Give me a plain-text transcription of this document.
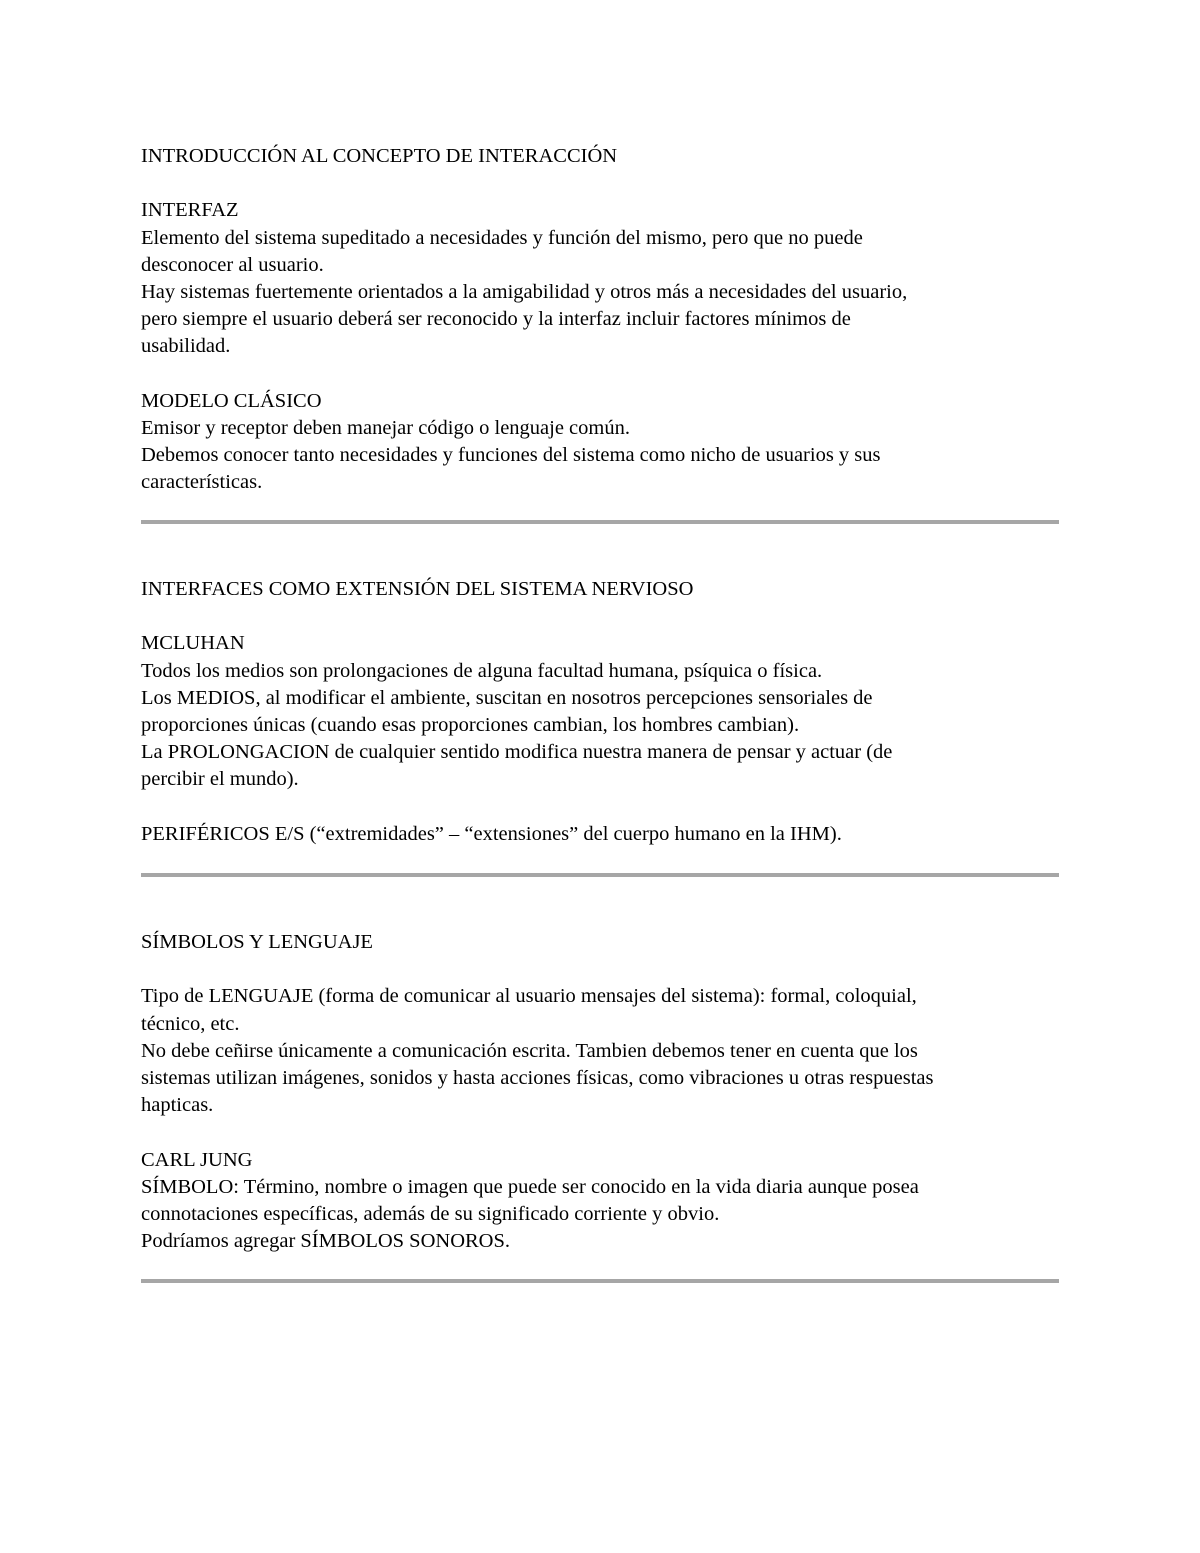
INTRODUCCIÓN AL CONCEPTO DE INTERACCIÓN
INTERFAZ
Elemento del sistema supeditado a necesidades y función del mismo, pero que no puede
desconocer al usuario.
Hay sistemas fuertemente orientados a la amigabilidad y otros más a necesidades del usuario,
pero siempre el usuario deberá ser reconocido y la interfaz incluir factores mínimos de
usabilidad.
MODELO CLÁSICO
Emisor y receptor deben manejar código o lenguaje común.
Debemos conocer tanto necesidades y funciones del sistema como nicho de usuarios y sus
características.
INTERFACES COMO EXTENSIÓN DEL SISTEMA NERVIOSO
MCLUHAN
Todos los medios son prolongaciones de alguna facultad humana, psíquica o física.
Los MEDIOS, al modificar el ambiente, suscitan en nosotros percepciones sensoriales de
proporciones únicas (cuando esas proporciones cambian, los hombres cambian).
La PROLONGACION de cualquier sentido modifica nuestra manera de pensar y actuar (de
percibir el mundo).
PERIFÉRICOS E/S (“extremidades” – “extensiones” del cuerpo humano en la IHM).
SÍMBOLOS Y LENGUAJE
Tipo de LENGUAJE (forma de comunicar al usuario mensajes del sistema): formal, coloquial,
técnico, etc.
No debe ceñirse únicamente a comunicación escrita. Tambien debemos tener en cuenta que los
sistemas utilizan imágenes, sonidos y hasta acciones físicas, como vibraciones u otras respuestas
hapticas.
CARL JUNG
SÍMBOLO: Término, nombre o imagen que puede ser conocido en la vida diaria aunque posea
connotaciones específicas, además de su significado corriente y obvio.
Podríamos agregar SÍMBOLOS SONOROS.
